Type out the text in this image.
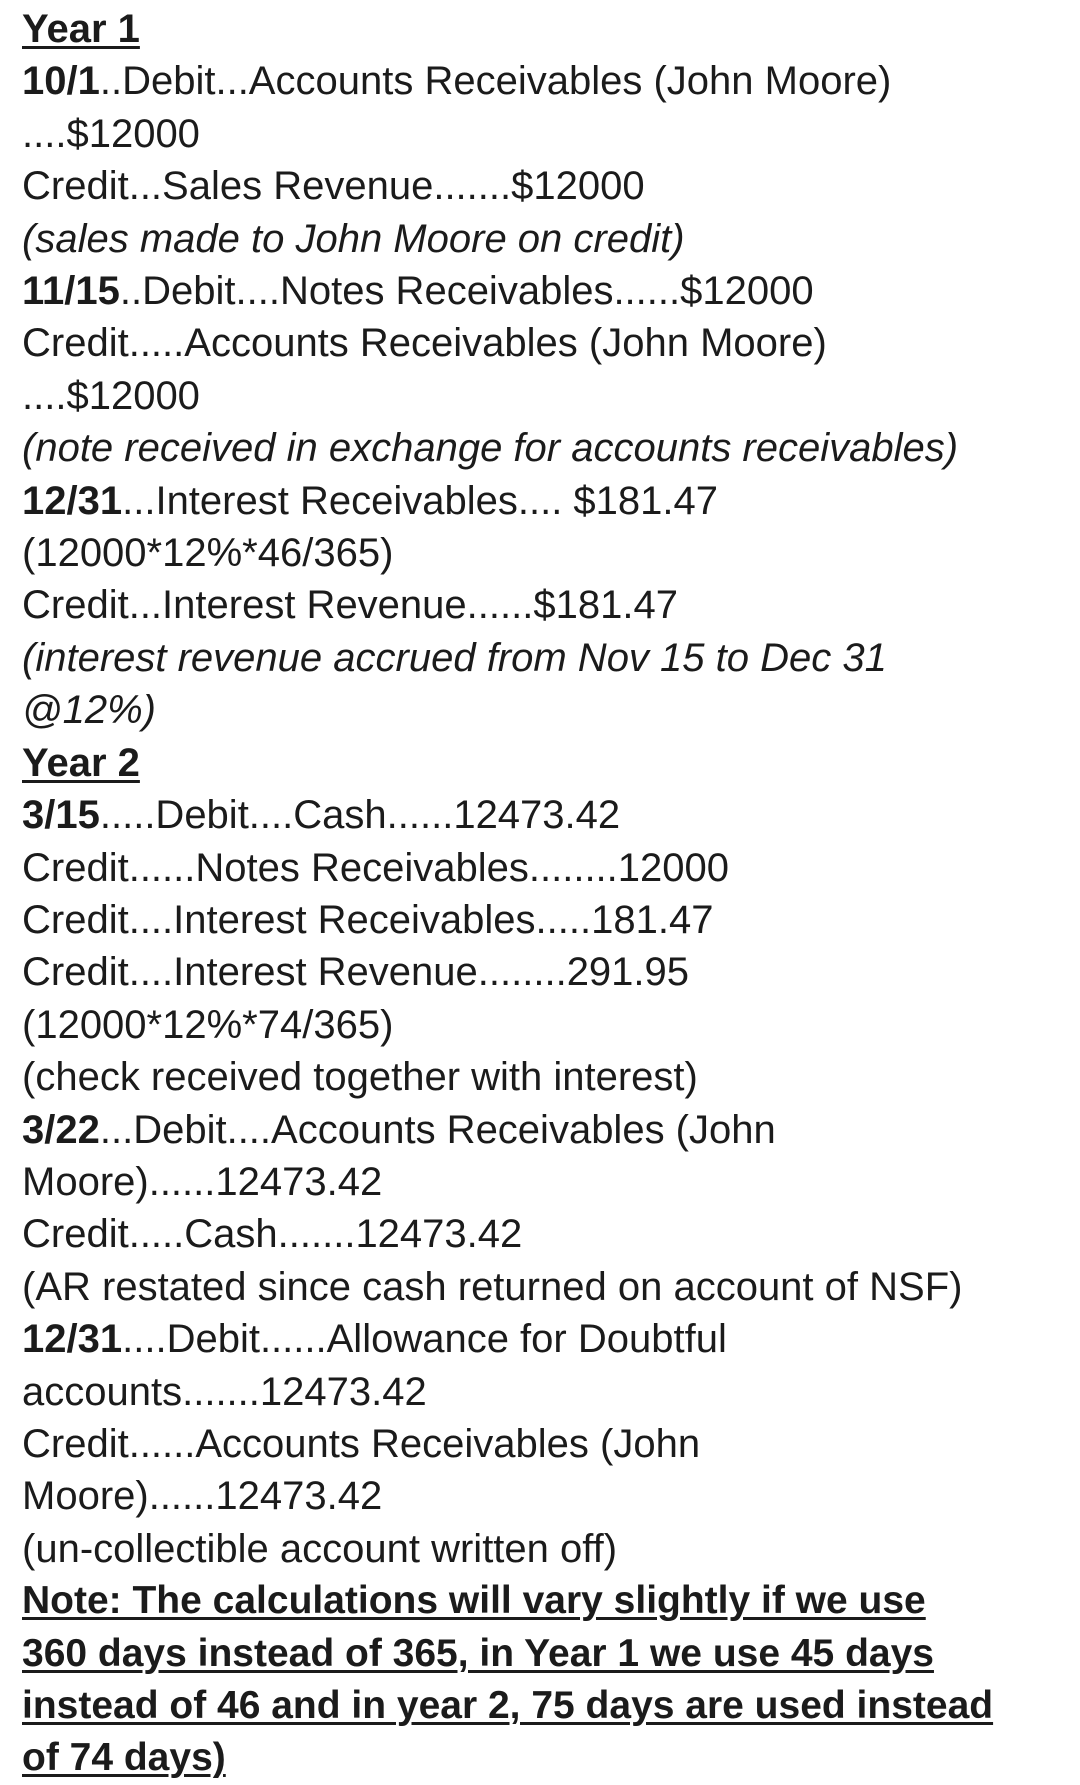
Year 1
10/1..Debit...Accounts Receivables (John Moore)
....$12000
Credit...Sales Revenue.......$12000
(sales made to John Moore on credit)
11/15..Debit....Notes Receivables......$12000
Credit.....Accounts Receivables (John Moore)
....$12000
(note received in exchange for accounts receivables)
12/31...Interest Receivables.... $181.47
(12000*12%*46/365)
Credit...Interest Revenue......$181.47
(interest revenue accrued from Nov 15 to Dec 31
@12%)
Year 2
3/15.....Debit....Cash......12473.42
Credit......Notes Receivables........12000
Credit....Interest Receivables.....181.47
Credit....Interest Revenue........291.95
(12000*12%*74/365)
(check received together with interest)
3/22...Debit....Accounts Receivables (John
Moore)......12473.42
Credit.....Cash.......12473.42
(AR restated since cash returned on account of NSF)
12/31....Debit......Allowance for Doubtful
accounts.......12473.42
Credit......Accounts Receivables (John
Moore)......12473.42
(un-collectible account written off)
Note: The calculations will vary slightly if we use
360 days instead of 365, in Year 1 we use 45 days
instead of 46 and in year 2, 75 days are used instead
of 74 days)
